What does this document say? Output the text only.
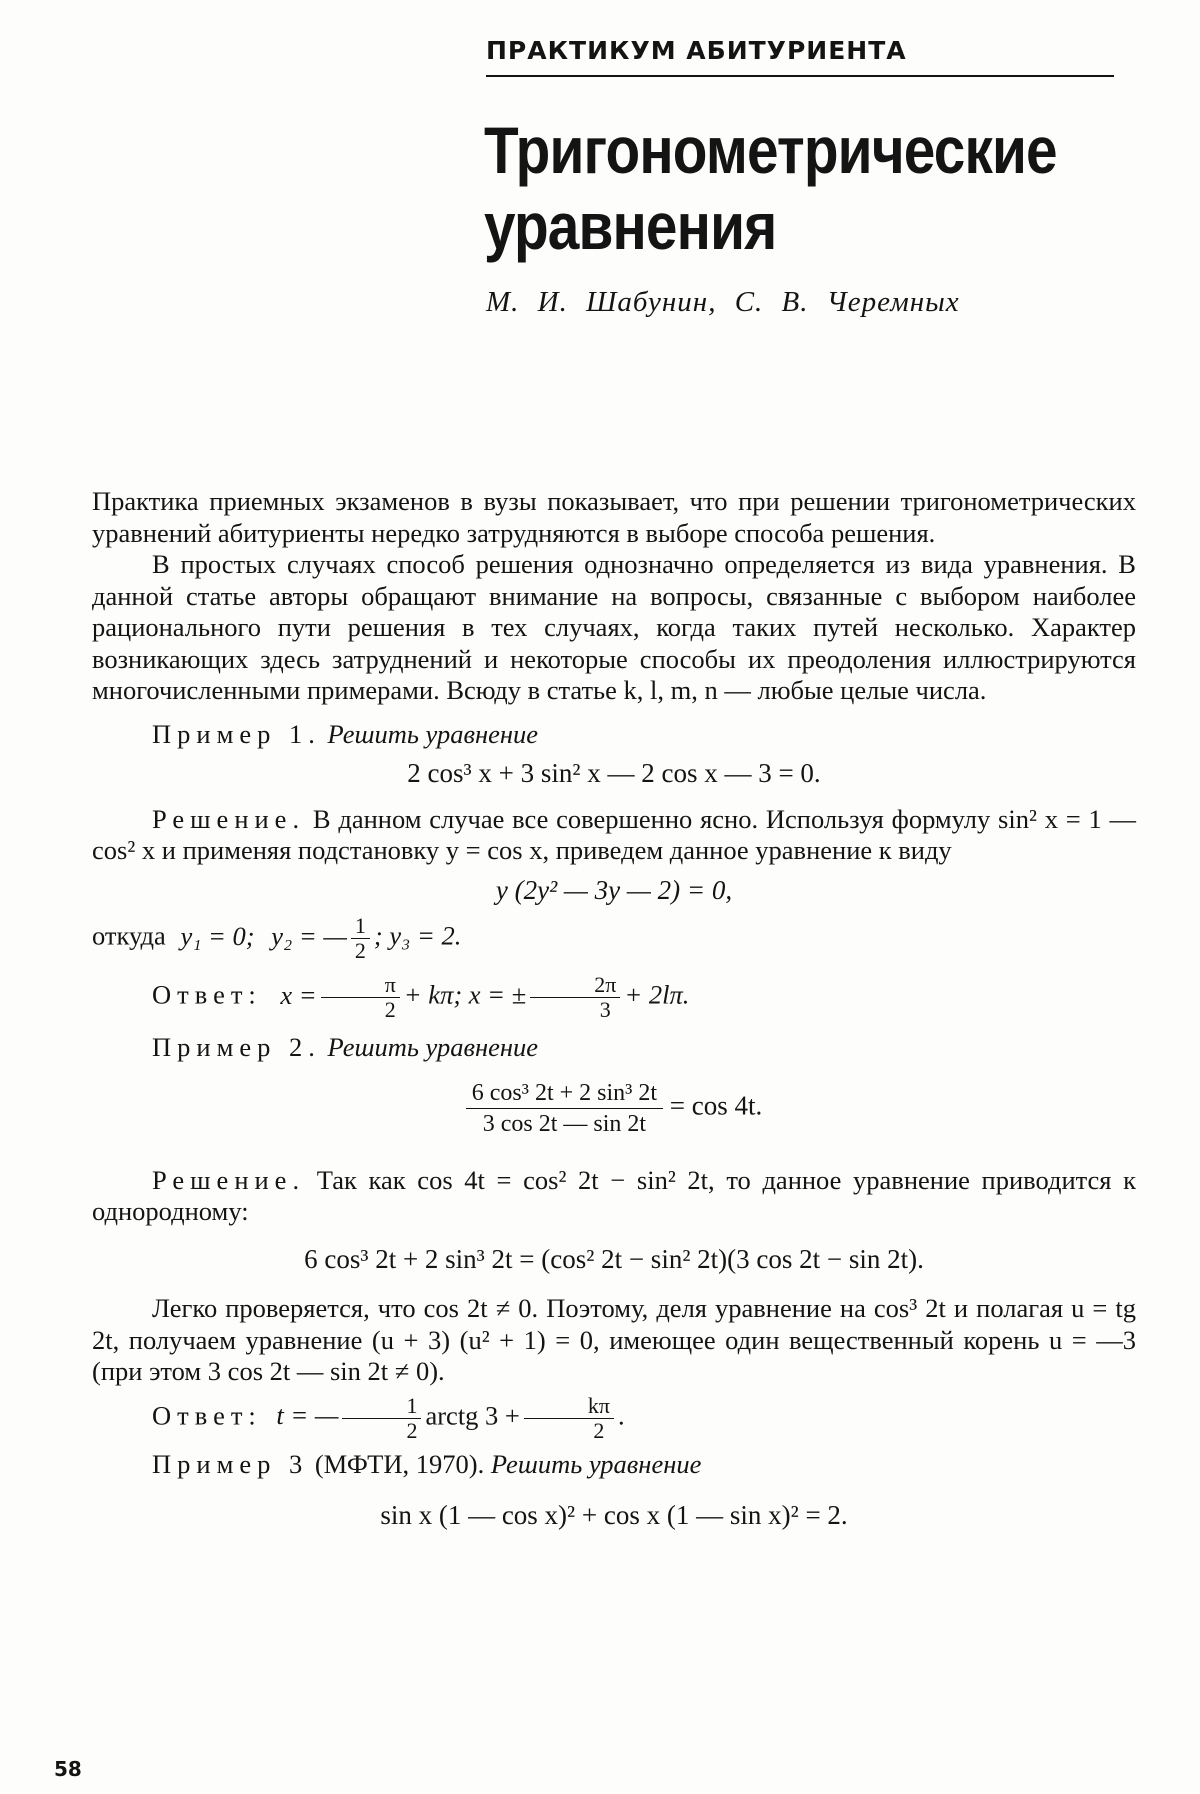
ПРАКТИКУМ АБИТУРИЕНТА
Тригонометрические
уравнения
М. И. Шабунин, С. В. Черемных

Практика приемных экзаменов в вузы показывает, что при решении тригонометрических уравнений абитуриенты нередко затрудняются в выборе способа решения.

В простых случаях способ решения однозначно определяется из вида уравнения. В данной статье авторы обращают внимание на вопросы, связанные с выбором наиболее рационального пути решения в тех случаях, когда таких путей несколько. Характер возникающих здесь затруднений и некоторые способы их преодоления иллюстрируются многочисленными примерами. Всюду в статье k, l, m, n — любые целые числа.

Пример 1. Решить уравнение

2 cos³ x + 3 sin² x — 2 cos x — 3 = 0.

Решение. В данном случае все совершенно ясно. Используя формулу sin² x = 1 — cos² x и применяя подстановку y = cos x, приведем данное уравнение к виду

y (2y² — 3y — 2) = 0,
откуда y₁ = 0; y₂ = — $\frac{1}{2}$ ; y₃ = 2.
Ответ: $x = \frac{\pi}{2} + k\pi$; x = ± $\frac{2\pi}{3} + 2l\pi$.

Пример 2. Решить уравнение

$\frac{\text{6 cos³ 2t + 2 sin³ 2t}}{3 \cos 2t — \sin 2t} = \cos 4t$.

Решение. Так как cos 4t = cos² 2t − sin² 2t, то данное уравнение приводится к однородному:

6 cos³ 2t + 2 sin³ 2t = (cos² 2t − sin² 2t)(3 cos 2t − sin 2t).

Легко проверяется, что cos 2t ≠ 0. Поэтому, деля уравнение на cos³ 2t и полагая u = tg 2t, получаем уравнение (u + 3) (u² + 1) = 0, имеющее один вещественный корень u = —3 (при этом 3 cos 2t — sin 2t ≠ 0).

Ответ: t = — $\frac{1}{2}$ arctg $3 + \frac{k\pi}{2}$ .

Пример 3 (МФТИ, 1970). Решить уравнение

sin x (1 — cos x)² + cos x (1 — sin x)² = 2.
58
